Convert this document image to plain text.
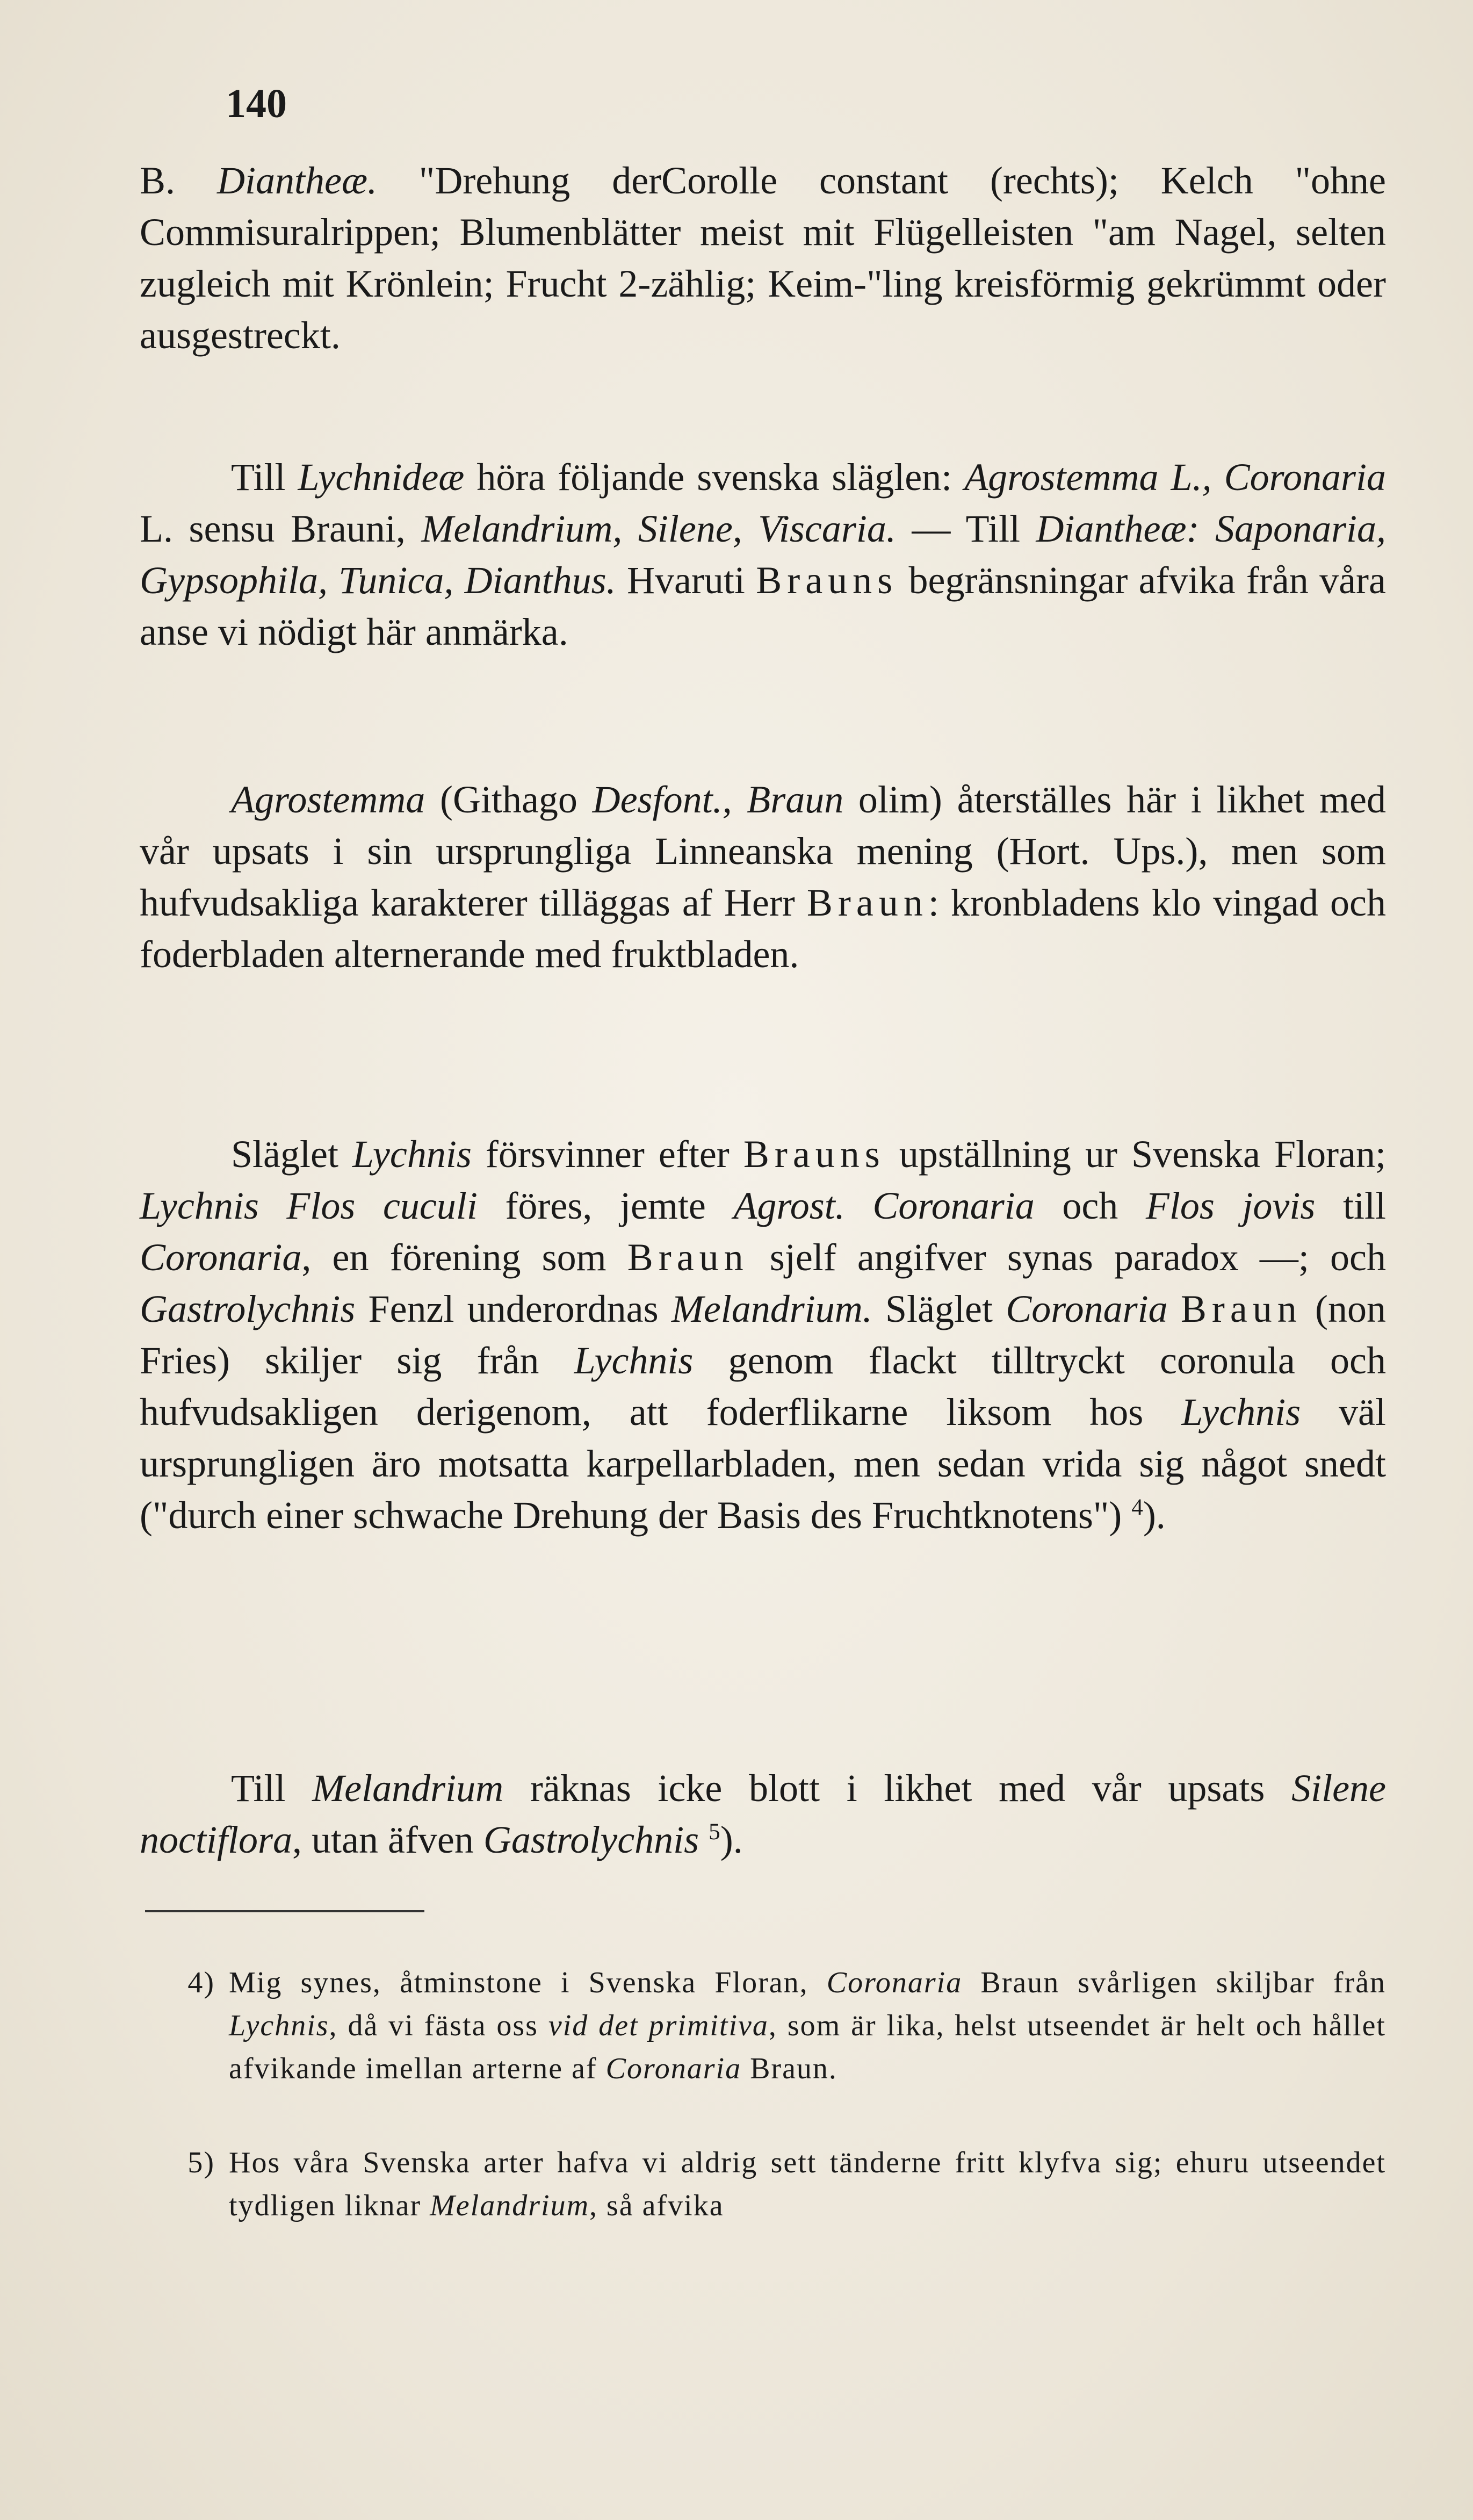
140

B. Diantheæ. "Drehung derCorolle constant (rechts); Kelch "ohne Commisuralrippen; Blumenblätter meist mit Flügelleisten "am Nagel, selten zugleich mit Krönlein; Frucht 2-zählig; Keim-"ling kreisförmig gekrümmt oder ausgestreckt.

Till Lychnideæ höra följande svenska släglen: Agrostemma L., Coronaria L. sensu Brauni, Melandrium, Silene, Viscaria. — Till Diantheæ: Saponaria, Gypsophila, Tunica, Dianthus. Hvaruti Brauns begränsningar afvika från våra anse vi nödigt här anmärka.

Agrostemma (Githago Desfont., Braun olim) återställes här i likhet med vår upsats i sin ursprungliga Linneanska mening (Hort. Ups.), men som hufvudsakliga karakterer tilläggas af Herr Braun: kronbladens klo vingad och foderbladen alternerande med fruktbladen.

Släglet Lychnis försvinner efter Brauns upställning ur Svenska Floran; Lychnis Flos cuculi föres, jemte Agrost. Coronaria och Flos jovis till Coronaria, en förening som Braun sjelf angifver synas paradox —; och Gastrolychnis Fenzl underordnas Melandrium. Släglet Coronaria Braun (non Fries) skiljer sig från Lychnis genom flackt tilltryckt coronula och hufvudsakligen derigenom, att foderflikarne liksom hos Lychnis väl ursprungligen äro motsatta karpellarbladen, men sedan vrida sig något snedt ("durch einer schwache Drehung der Basis des Fruchtknotens") $^4$).

Till Melandrium räknas icke blott i likhet med vår upsats Silene noctiflora, utan äfven Gastrolychnis $^5$).

4)Mig synes, åtminstone i Svenska Floran, Coronaria Braun svårligen skiljbar från Lychnis, då vi fästa oss vid det primitiva, som är lika, helst utseendet är helt och hållet afvikande imellan arterne af Coronaria Braun.

5)Hos våra Svenska arter hafva vi aldrig sett tänderne fritt klyfva sig; ehuru utseendet tydligen liknar Melandrium, så afvika
